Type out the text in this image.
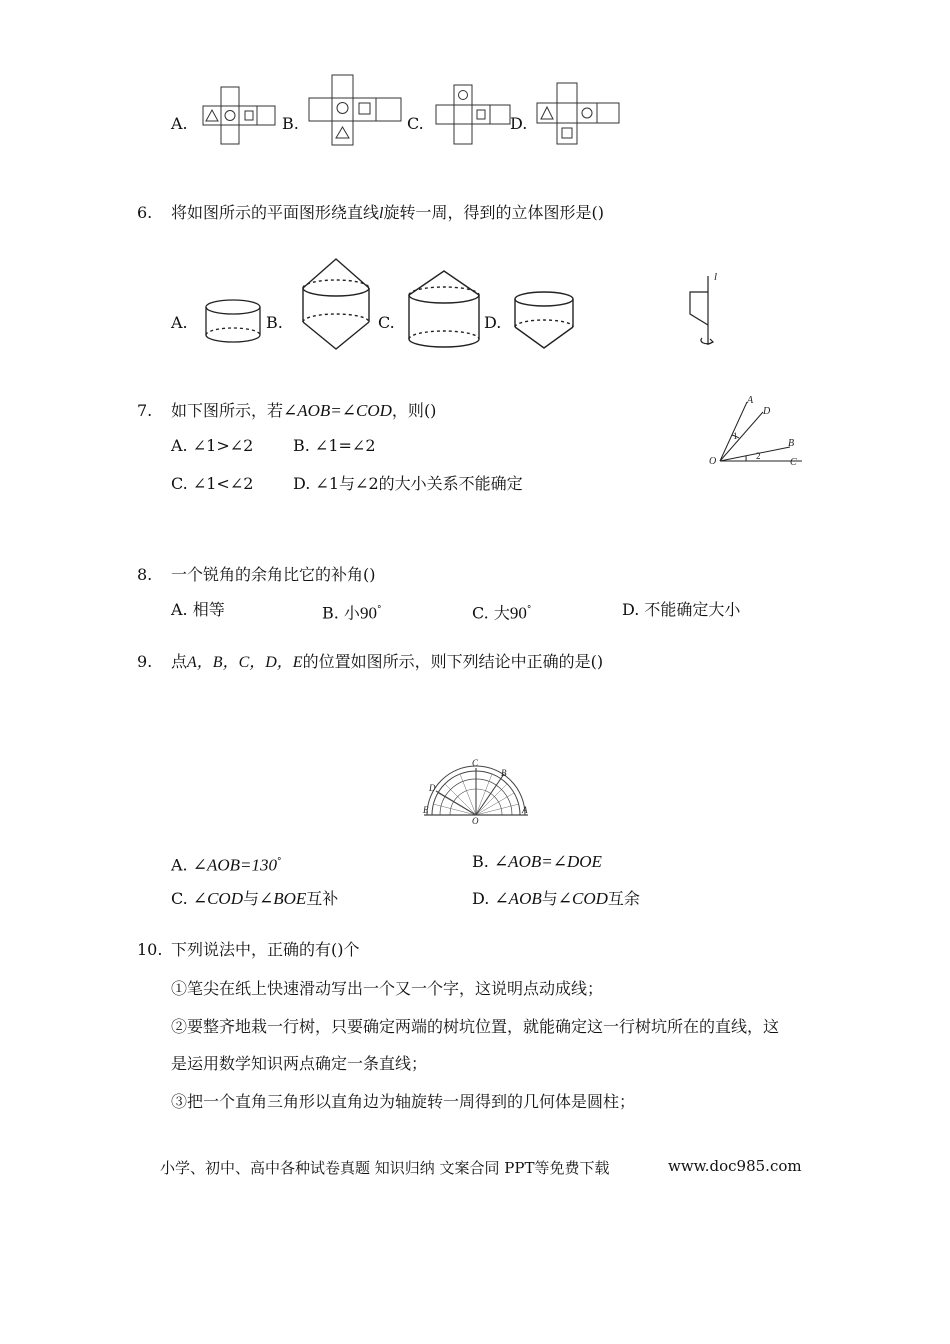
A.	B.	C.	D.
6. 将如图所示的平面图形绕直线l旋转一周，得到的立体图形是()
A.	B.	C.	D.
l
7. 如下图所示，若∠AOB=∠COD，则()
A. ∠1>∠2 B. ∠1=∠2
C. ∠1<∠2 D. ∠1与∠2的大小关系不能确定
A
D
B
C
O
1
2
8. 一个锐角的余角比它的补角()
A. 相等	B. 小90°	C. 大90°	D. 不能确定大小
9. 点A，B，C，D，E的位置如图所示，则下列结论中正确的是()
C
B
D
E	A
O
A. ∠AOB=130°	B. ∠AOB=∠DOE
C. ∠COD与∠BOE互补	D. ∠AOB与∠COD互余
10. 下列说法中，正确的有()个
①笔尖在纸上快速滑动写出一个又一个字，这说明点动成线；
②要整齐地栽一行树，只要确定两端的树坑位置，就能确定这一行树坑所在的直线，这
是运用数学知识两点确定一条直线；
③把一个直角三角形以直角边为轴旋转一周得到的几何体是圆柱；
小学、初中、高中各种试卷真题 知识归纳 文案合同 PPT等免费下载	www.doc985.com
